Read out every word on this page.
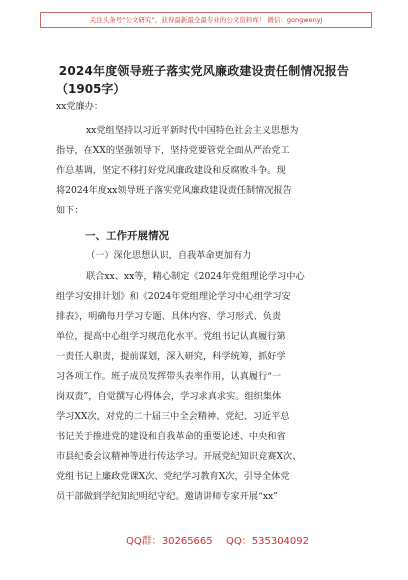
关注头条号“公文研究”，获得最新最全最专业的公文资料库！ 微信：gongwenyj
2024年度领导班子落实党风廉政建设责任制情况报告
（1905字）
xx党廉办：
xx党组坚持以习近平新时代中国特色社会主义思想为
指导，在XX的坚强领导下，坚持党要管党全面从严治党工
作总基调，坚定不移打好党风廉政建设和反腐败斗争。现
将2024年度xx领导班子落实党风廉政建设责任制情况报告
如下：
一、工作开展情况
（一）深化思想认识，自我革命更加有力
联合xx、xx等，精心制定《2024年党组理论学习中心
组学习安排计划》和《2024年党组理论学习中心组学习安
排表》，明确每月学习专题、具体内容、学习形式、负责
单位，提高中心组学习规范化水平。党组书记认真履行第
一责任人职责，提前谋划，深入研究，科学统筹，抓好学
习各项工作。班子成员发挥带头表率作用，认真履行“一
岗双责”，自觉撰写心得体会，学习求真求实。组织集体
学习XX次，对党的二十届三中全会精神、党纪、习近平总
书记关于推进党的建设和自我革命的重要论述、中央和省
市县纪委会议精神等进行传达学习。开展党纪知识竞赛X次、
党组书记上廉政党课X次、党纪学习教育X次，引导全体党
员干部做到学纪知纪明纪守纪。邀请讲师专家开展“xx”
QQ群：30265665 QQ：535304092
